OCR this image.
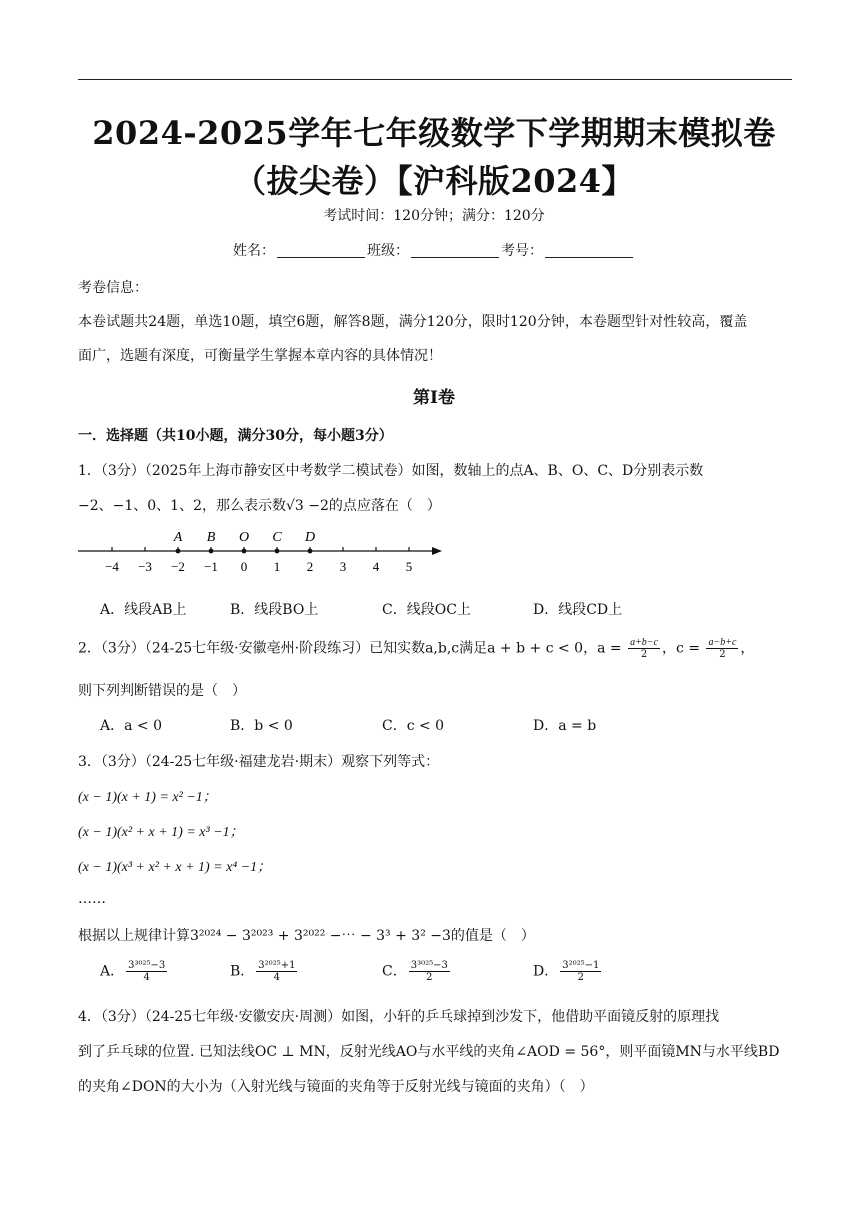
2024-2025学年七年级数学下学期期末模拟卷
（拔尖卷）【沪科版2024】
考试时间：120分钟；满分：120分
姓名：	班级：	考号：
考卷信息：
本卷试题共24题，单选10题，填空6题，解答8题，满分120分，限时120分钟，本卷题型针对性较高，覆盖
面广，选题有深度，可衡量学生掌握本章内容的具体情况！
第Ⅰ卷
一．选择题（共10小题，满分30分，每小题3分）
1．（3分）（2025年上海市静安区中考数学二模试卷）如图，数轴上的点A、B、O、C、D分别表示数
−2、−1、0、1、2，那么表示数√3 −2的点应落在（　）
−4 −3 −2 −1 0 1 2 3 4 5
A B O C D
A．线段AB上	B．线段BO上	C．线段OC上	D．线段CD上
2．（3分）（24-25七年级·安徽亳州·阶段练习）已知实数a,b,c满足a + b + c < 0，$a = \frac{a+b-c}{2}$ ，$c = \frac{a-b+c}{2}$ ，
则下列判断错误的是（　）
A．a < 0	B．b < 0	C．c < 0	D．a = b
3．（3分）（24-25七年级·福建龙岩·期末）观察下列等式：
(x − 1)(x + 1) = x² −1；
(x − 1)(x² + x + 1) = x³ −1；
(x − 1)(x³ + x² + x + 1) = x⁴ −1；
……
根据以上规律计算3²⁰²⁴ − 3²⁰²³ + 3²⁰²² −⋯ − 3³ + 3² −3的值是（　）
A． $\frac{\text{3³⁰²⁵−3}}{4}$	B． $\frac{\text{3²⁰²⁵+1}}{4}$	C． $\frac{\text{3³⁰²⁵−3}}{2}$	D． $\frac{\text{3²⁰²⁵−1}}{2}$
4．（3分）（24-25七年级·安徽安庆·周测）如图，小轩的乒乓球掉到沙发下，他借助平面镜反射的原理找
到了乒乓球的位置. 已知法线OC ⊥ MN，反射光线AO与水平线的夹角∠AOD = 56°，则平面镜MN与水平线BD
的夹角∠DON的大小为（入射光线与镜面的夹角等于反射光线与镜面的夹角）（　）
